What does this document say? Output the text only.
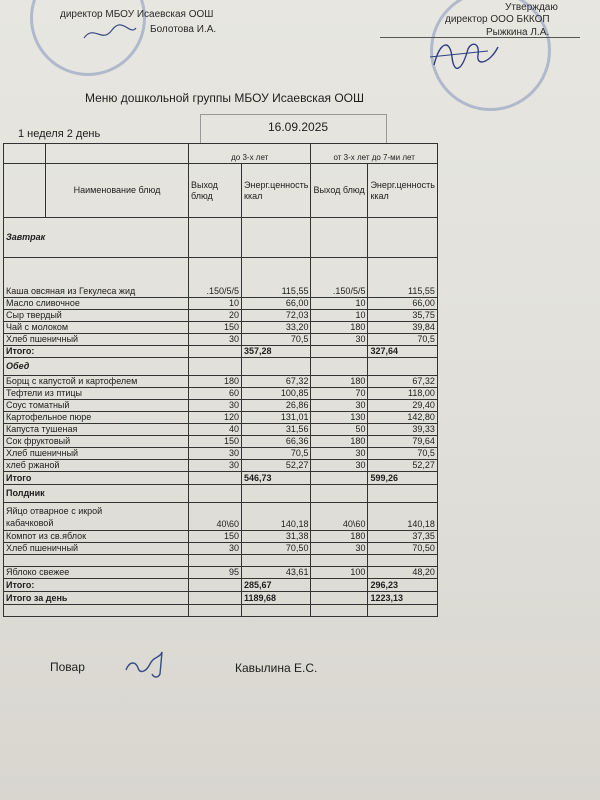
директор МБОУ Исаевская ООШ
Болотова И.А.
Утверждаю
директор ООО БККОП
Рыжкина Л.А.
Меню дошкольной группы МБОУ Исаевская ООШ
16.09.2025
1 неделя 2 день
		до 3-х лет		от 3-х лет до 7-ми лет	
	Наименование блюд	Выход блюд	Энерг.ценность ккал	Выход блюд	Энерг.ценность ккал
Завтрак					
Каша овсяная из Гекулеса жид		.150/5/5	115,55	.150/5/5	115,55
Масло сливочное		10	66,00	10	66,00
Сыр твердый		20	72,03	10	35,75
Чай с молоком		150	33,20	180	39,84
Хлеб пшеничный		30	70,5	30	70,5
Итого:			357,28		327,64
Обед					
Борщ с капустой и картофелем		180	67,32	180	67,32
Тефтели из птицы		60	100,85	70	118,00
Соус томатный		30	26,86	30	29,40
Картофельное пюре		120	131,01	130	142,80
Капуста тушеная		40	31,56	50	39,33
Сок фруктовый		150	66,36	180	79,64
Хлеб пшеничный		30	70,5	30	70,5
хлеб ржаной		30	52,27	30	52,27
Итого			546,73		599,26
Полдник					
Яйцо отварное с икрой
кабачковой		40\60	140,18	40\60	140,18
Компот из св.яблок		150	31,38	180	37,35
Хлеб пшеничный		30	70,50	30	70,50

Яблоко свежее		95	43,61	100	48,20
Итого:			285,67		296,23
Итого за день			1189,68		1223,13

Повар	Кавылина Е.С.
